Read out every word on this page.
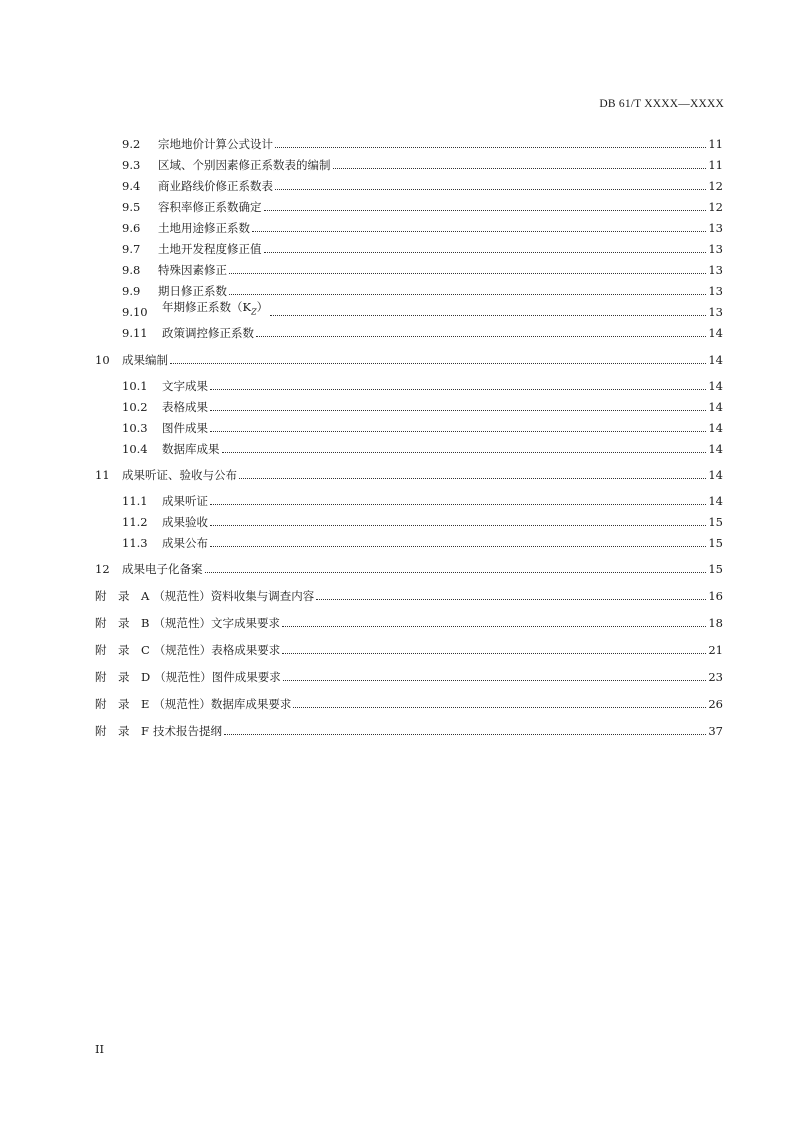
DB 61/T XXXX—XXXX
9.2	宗地地价计算公式设计	11
9.3	区域、个别因素修正系数表的编制	11
9.4	商业路线价修正系数表	12
9.5	容积率修正系数确定	12
9.6	土地用途修正系数	13
9.7	土地开发程度修正值	13
9.8	特殊因素修正	13
9.9	期日修正系数	13
9.10	年期修正系数$(K_Z)$	13
9.11	政策调控修正系数	14
10	成果编制	14
10.1	文字成果	14
10.2	表格成果	14
10.3	图件成果	14
10.4	数据库成果	14
11	成果听证、验收与公布	14
11.1	成果听证	14
11.2	成果验收	15
11.3	成果公布	15
12	成果电子化备案	15
附　录　A （规范性）资料收集与调查内容	16
附　录　B （规范性）文字成果要求	18
附　录　C （规范性）表格成果要求	21
附　录　D （规范性）图件成果要求	23
附　录　E （规范性）数据库成果要求	26
附　录　F 技术报告提纲	37
II
